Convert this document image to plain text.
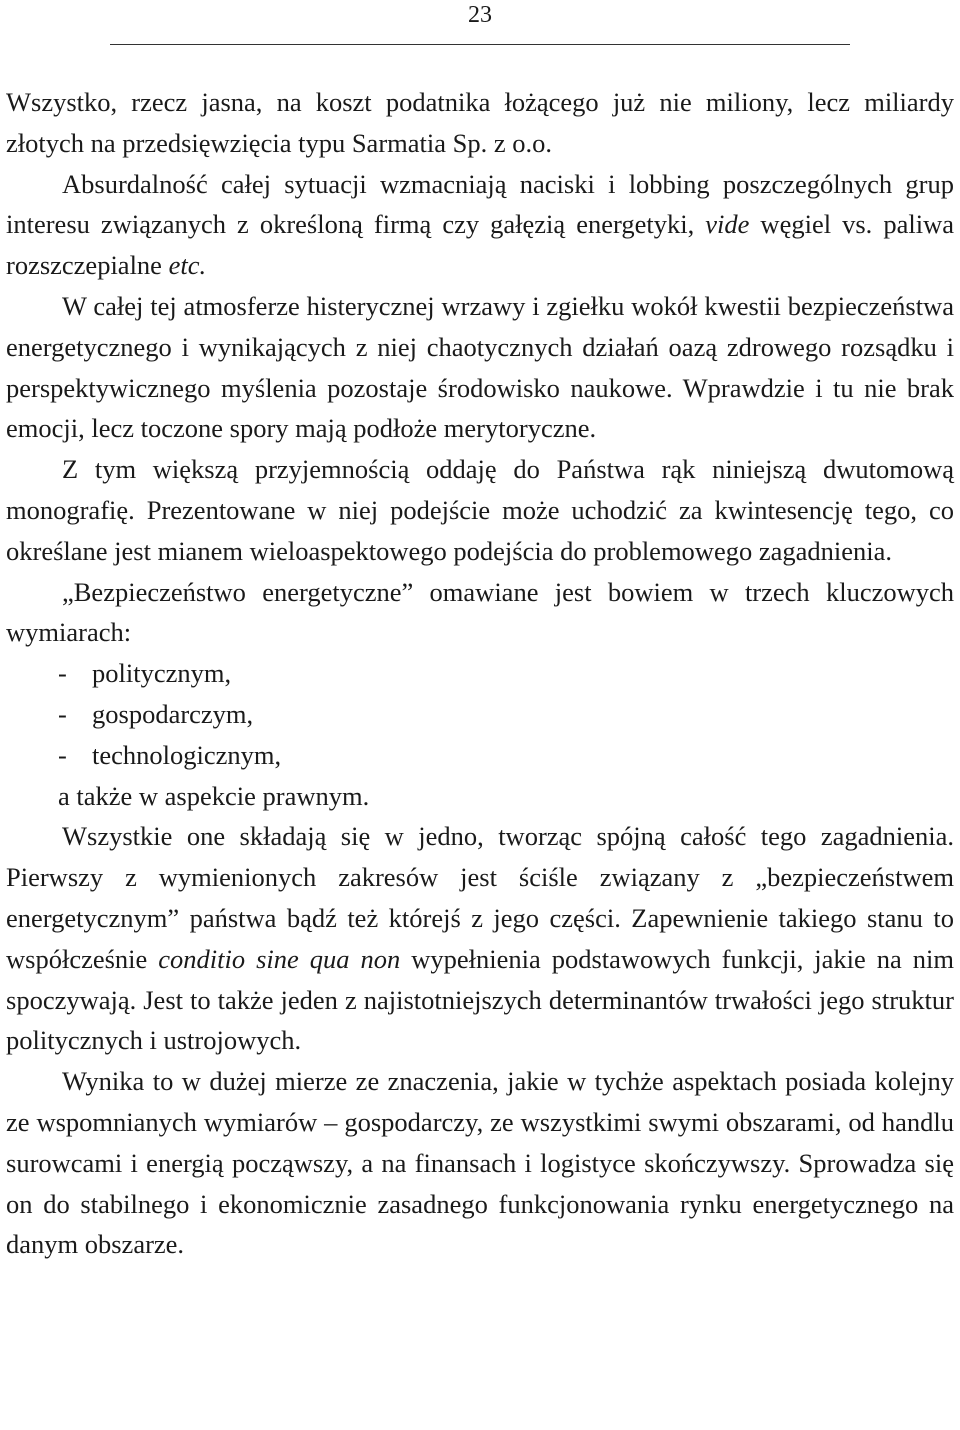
23

Wszystko, rzecz jasna, na koszt podatnika łożącego już nie miliony, lecz miliardy złotych na przedsięwzięcia typu Sarmatia Sp. z o.o.

Absurdalność całej sytuacji wzmacniają naciski i lobbing poszczególnych grup interesu związanych z określoną firmą czy gałęzią energetyki, vide węgiel vs. paliwa rozszczepialne etc.

W całej tej atmosferze histerycznej wrzawy i zgiełku wokół kwestii bezpieczeństwa energetycznego i wynikających z niej chaotycznych działań oazą zdrowego rozsądku i perspektywicznego myślenia pozostaje środowisko naukowe. Wprawdzie i tu nie brak emocji, lecz toczone spory mają podłoże merytoryczne.

Z tym większą przyjemnością oddaję do Państwa rąk niniejszą dwutomową monografię. Prezentowane w niej podejście może uchodzić za kwintesencję tego, co określane jest mianem wieloaspektowego podejścia do problemowego zagadnienia.

„Bezpieczeństwo energetyczne” omawiane jest bowiem w trzech kluczowych wymiarach:

- politycznym,
- gospodarczym,
- technologicznym,

a także w aspekcie prawnym.

Wszystkie one składają się w jedno, tworząc spójną całość tego zagadnienia. Pierwszy z wymienionych zakresów jest ściśle związany z „bezpieczeństwem energetycznym” państwa bądź też którejś z jego części. Zapewnienie takiego stanu to współcześnie conditio sine qua non wypełnienia podstawowych funkcji, jakie na nim spoczywają. Jest to także jeden z najistotniejszych determinantów trwałości jego struktur politycznych i ustrojowych.

Wynika to w dużej mierze ze znaczenia, jakie w tychże aspektach posiada kolejny ze wspomnianych wymiarów – gospodarczy, ze wszystkimi swymi obszarami, od handlu surowcami i energią począwszy, a na finansach i logistyce skończywszy. Sprowadza się on do stabilnego i ekonomicznie zasadnego funkcjonowania rynku energetycznego na danym obszarze.
